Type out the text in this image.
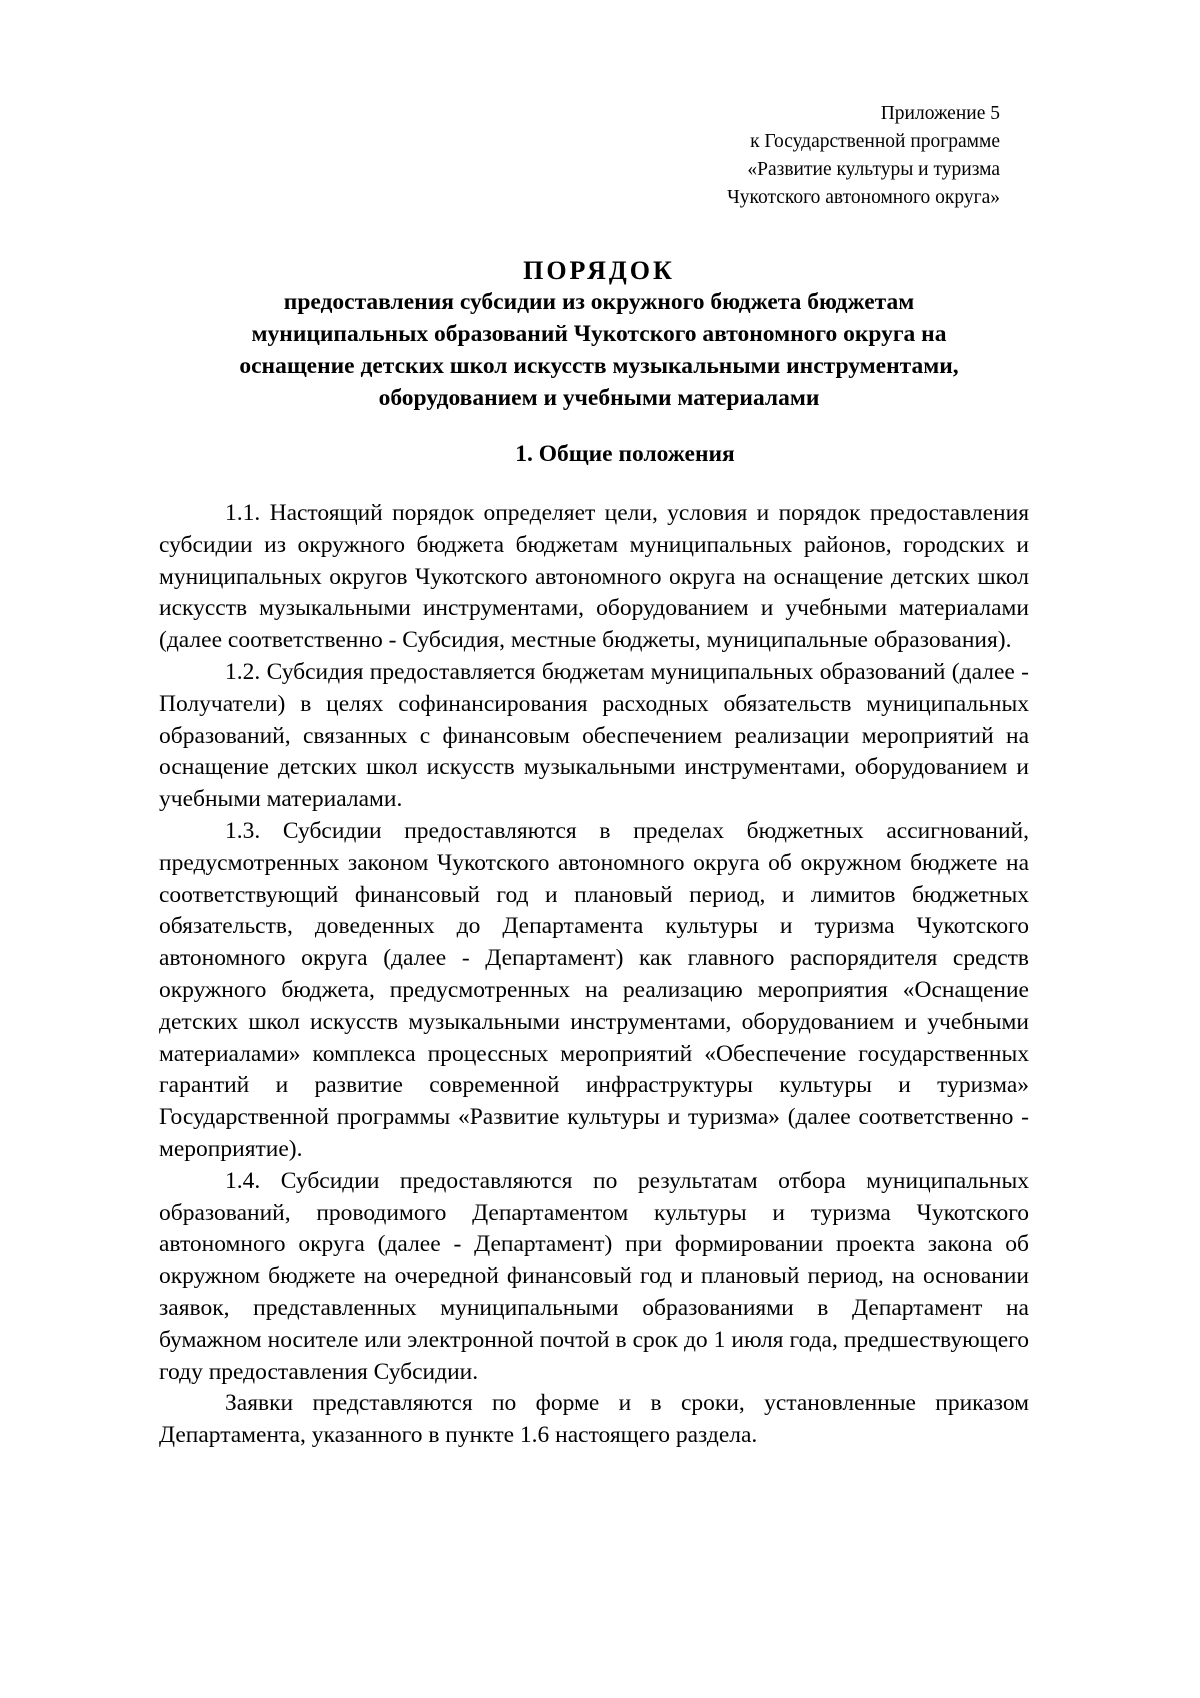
Приложение 5
к Государственной программе
«Развитие культуры и туризма
Чукотского автономного округа»
ПОРЯДОК
предоставления субсидии из окружного бюджета бюджетам
муниципальных образований Чукотского автономного округа на
оснащение детских школ искусств музыкальными инструментами,
оборудованием и учебными материалами
1. Общие положения

1.1. Настоящий порядок определяет цели, условия и порядок предоставления субсидии из окружного бюджета бюджетам муниципальных районов, городских и муниципальных округов Чукотского автономного округа на оснащение детских школ искусств музыкальными инструментами, оборудованием и учебными материалами (далее соответственно - Субсидия, местные бюджеты, муниципальные образования).

1.2. Субсидия предоставляется бюджетам муниципальных образований (далее - Получатели) в целях софинансирования расходных обязательств муниципальных образований, связанных с финансовым обеспечением реализации мероприятий на оснащение детских школ искусств музыкальными инструментами, оборудованием и учебными материалами.

1.3. Субсидии предоставляются в пределах бюджетных ассигнований, предусмотренных законом Чукотского автономного округа об окружном бюджете на соответствующий финансовый год и плановый период, и лимитов бюджетных обязательств, доведенных до Департамента культуры и туризма Чукотского автономного округа (далее - Департамент) как главного распорядителя средств окружного бюджета, предусмотренных на реализацию мероприятия «Оснащение детских школ искусств музыкальными инструментами, оборудованием и учебными материалами» комплекса процессных мероприятий «Обеспечение государственных гарантий и развитие современной инфраструктуры культуры и туризма» Государственной программы «Развитие культуры и туризма» (далее соответственно - мероприятие).

1.4. Субсидии предоставляются по результатам отбора муниципальных образований, проводимого Департаментом культуры и туризма Чукотского автономного округа (далее - Департамент) при формировании проекта закона об окружном бюджете на очередной финансовый год и плановый период, на основании заявок, представленных муниципальными образованиями в Департамент на бумажном носителе или электронной почтой в срок до 1 июля года, предшествующего году предоставления Субсидии.

Заявки представляются по форме и в сроки, установленные приказом Департамента, указанного в пункте 1.6 настоящего раздела.
